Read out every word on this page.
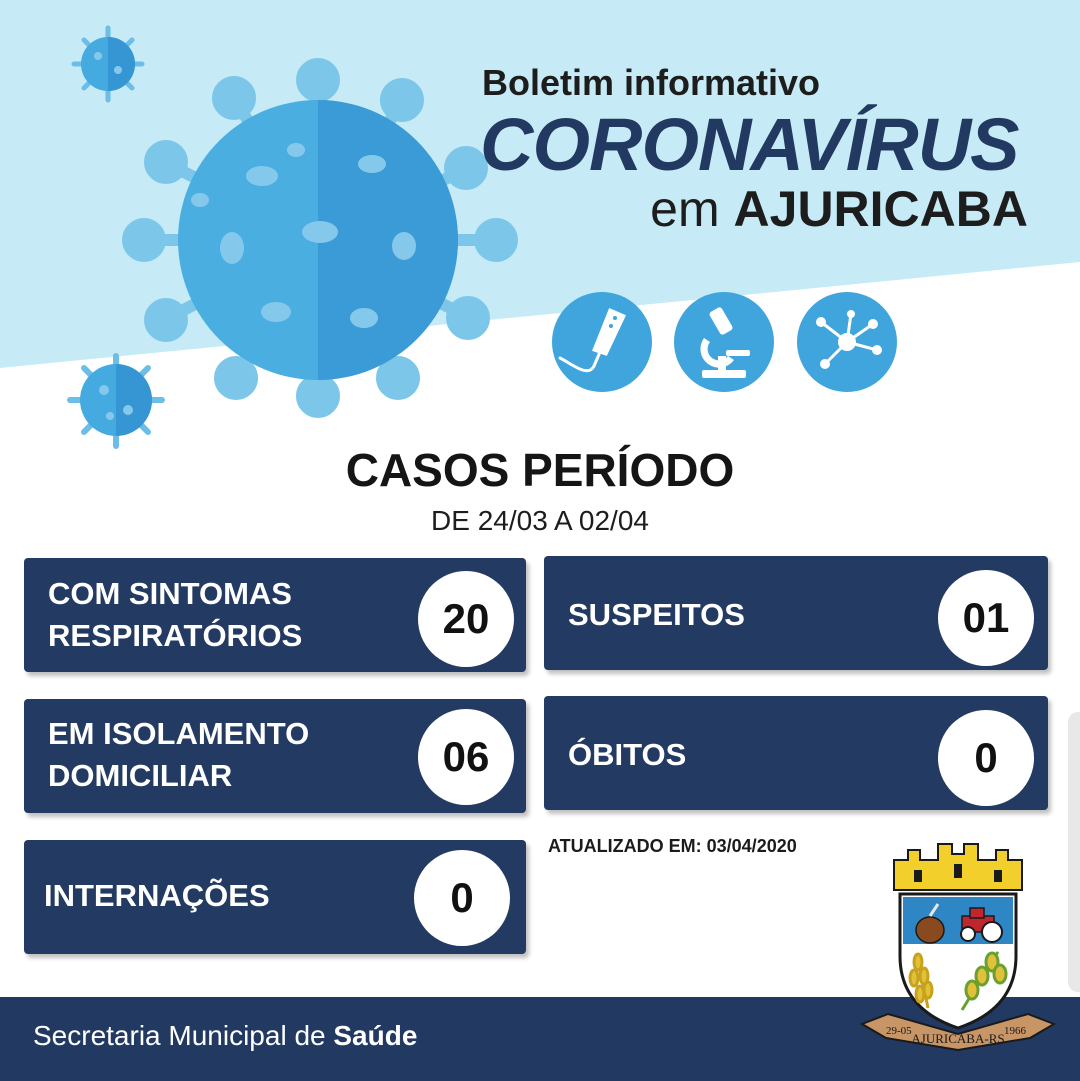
Boletim informativo
CORONAVÍRUS
em AJURICABA
CASOS PERÍODO
DE 24/03 A 02/04
COM SINTOMAS
RESPIRATÓRIOS	20	SUSPEITOS	01
EM ISOLAMENTO
DOMICILIAR	06	ÓBITOS	0
INTERNAÇÕES	0
ATUALIZADO EM: 03/04/2020
Secretaria Municipal de Saúde	29-05 AJURICABA-RS 1966
